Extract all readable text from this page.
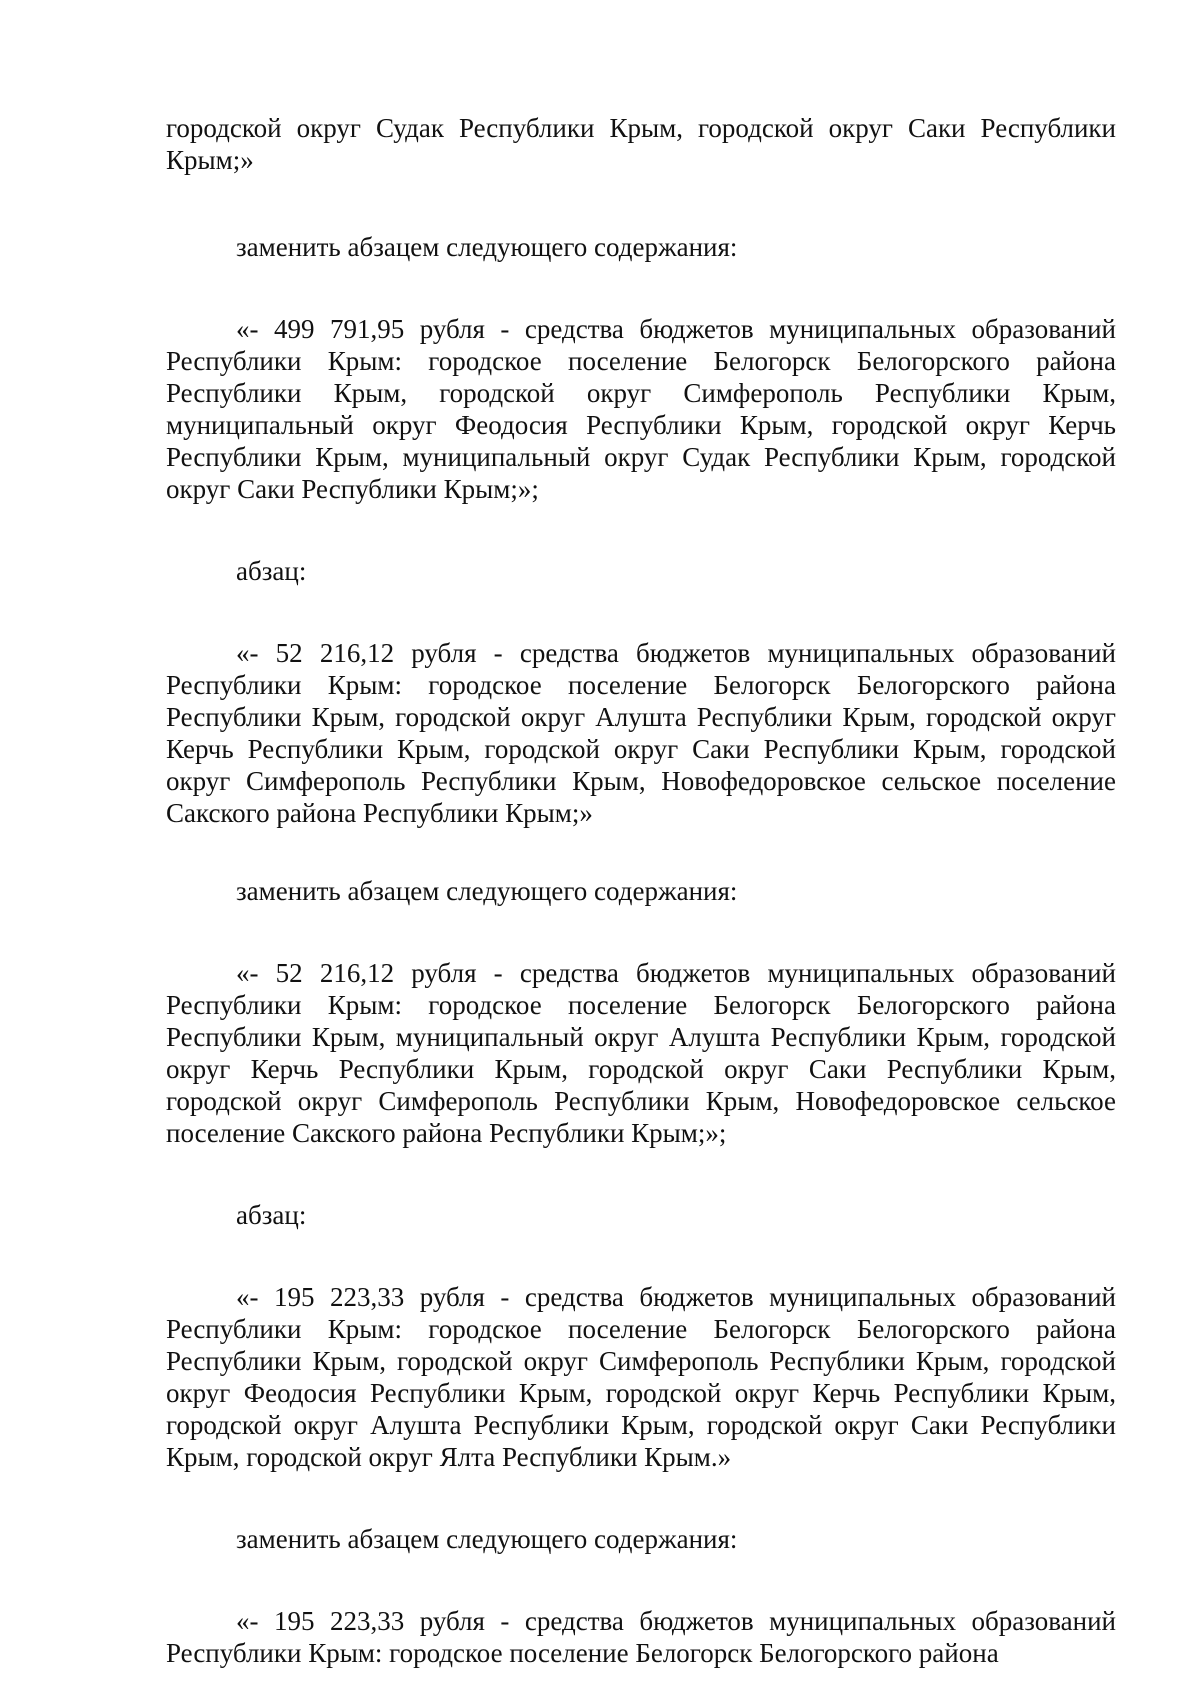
городской округ Судак Республики Крым, городской округ Саки Республики Крым;»

заменить абзацем следующего содержания:

«- 499 791,95 рубля - средства бюджетов муниципальных образований Республики Крым: городское поселение Белогорск Белогорского района Республики Крым, городской округ Симферополь Республики Крым, муниципальный округ Феодосия Республики Крым, городской округ Керчь Республики Крым, муниципальный округ Судак Республики Крым, городской округ Саки Республики Крым;»;

абзац:

«- 52 216,12 рубля - средства бюджетов муниципальных образований Республики Крым: городское поселение Белогорск Белогорского района Республики Крым, городской округ Алушта Республики Крым, городской округ Керчь Республики Крым, городской округ Саки Республики Крым, городской округ Симферополь Республики Крым, Новофедоровское сельское поселение Сакского района Республики Крым;»

заменить абзацем следующего содержания:

«- 52 216,12 рубля - средства бюджетов муниципальных образований Республики Крым: городское поселение Белогорск Белогорского района Республики Крым, муниципальный округ Алушта Республики Крым, городской округ Керчь Республики Крым, городской округ Саки Республики Крым, городской округ Симферополь Республики Крым, Новофедоровское сельское поселение Сакского района Республики Крым;»;

абзац:

«- 195 223,33 рубля - средства бюджетов муниципальных образований Республики Крым: городское поселение Белогорск Белогорского района Республики Крым, городской округ Симферополь Республики Крым, городской округ Феодосия Республики Крым, городской округ Керчь Республики Крым, городской округ Алушта Республики Крым, городской округ Саки Республики Крым, городской округ Ялта Республики Крым.»

заменить абзацем следующего содержания:

«- 195 223,33 рубля - средства бюджетов муниципальных образований Республики Крым: городское поселение Белогорск Белогорского района
